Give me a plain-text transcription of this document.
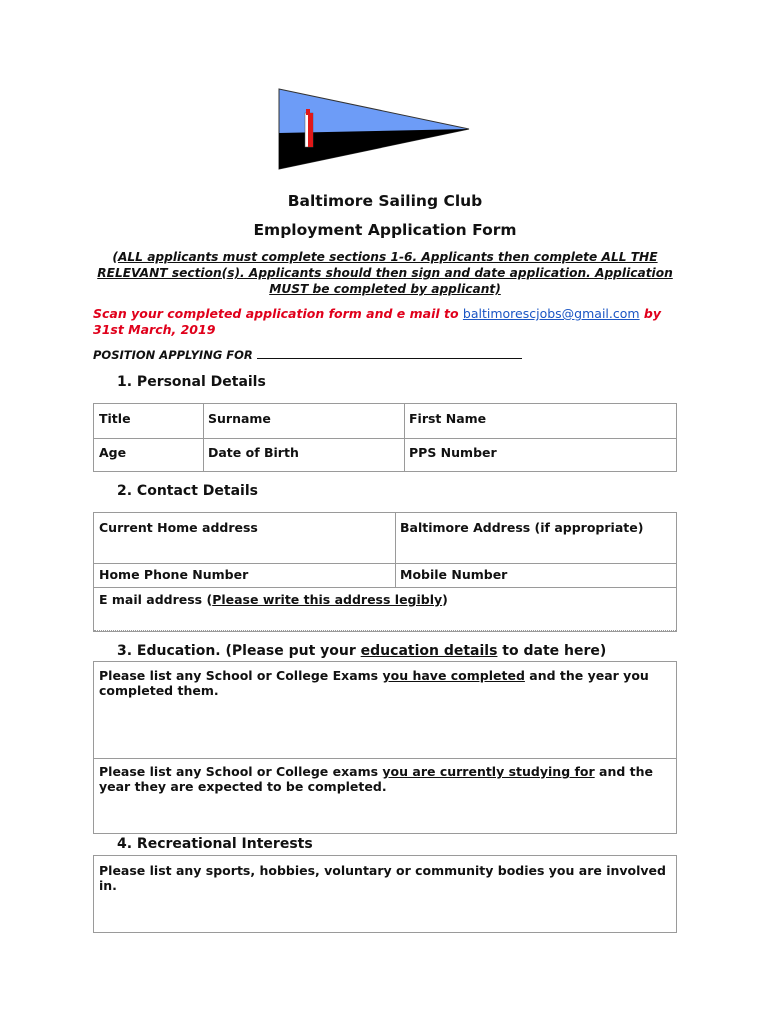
Baltimore Sailing Club
Employment Application Form
(ALL applicants must complete sections 1-6. Applicants then complete ALL THE RELEVANT section(s). Applicants should then sign and date application. Application MUST be completed by applicant)
Scan your completed application form and e mail to baltimorescjobs@gmail.com by 31st March, 2019
POSITION APPLYING FOR
1. Personal Details
Title	Surname	First Name
Age	Date of Birth	PPS Number
2. Contact Details
Current Home address	Baltimore Address (if appropriate)
Home Phone Number	Mobile Number
E mail address (Please write this address legibly)
3. Education. (Please put your education details to date here)
Please list any School or College Exams you have completed and the year you completed them.
Please list any School or College exams you are currently studying for and the year they are expected to be completed.
4. Recreational Interests
Please list any sports, hobbies, voluntary or community bodies you are involved in.
